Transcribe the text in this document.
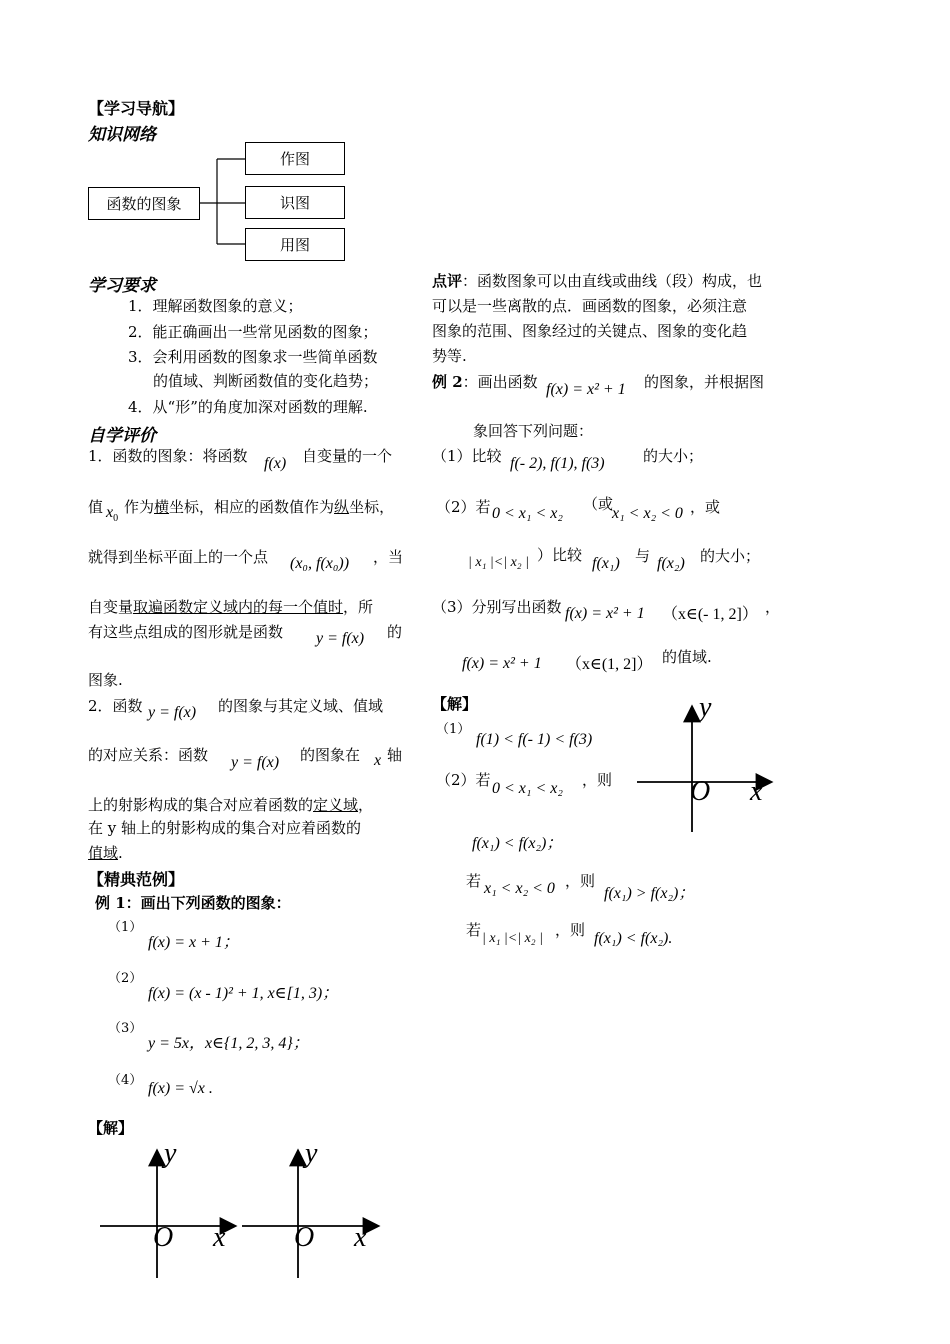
【学习导航】
知识网络
函数的图象
作图
识图
用图
学习要求
1．理解函数图象的意义；
2．能正确画出一些常见函数的图象；
3．会利用函数的图象求一些简单函数
的值域、判断函数值的变化趋势；
4．从“形”的角度加深对函数的理解.
自学评价
1．函数的图象：将函数 f(x) 自变量的一个
值 $x_0$
作为横坐标，相应的函数值作为纵坐标，
就得到坐标平面上的一个点 (x₀, f(x₀)) ，当
自变量取遍函数定义域内的每一个值时，所
有这些点组成的图形就是函数 y = f(x) 的
图象.
2．函数 y = f(x) 的图象与其定义域、值域
的对应关系：函数 y = f(x) 的图象在 x 轴
上的射影构成的集合对应着函数的定义域，
在 y 轴上的射影构成的集合对应着函数的
值域.
【精典范例】
例 1：画出下列函数的图象：
（1）
f(x) = x + 1；
（2）
f(x) = (x - 1)² + 1, x∈[1, 3)；
（3）
y = 5x，x∈{1, 2, 3, 4}；
（4） f(x) = √x .
【解】
y
O x
y
O x
y
O x
点评：函数图象可以由直线或曲线（段）构成，也
可以是一些离散的点．画函数的图象，必须注意
图象的范围、图象经过的关键点、图象的变化趋
势等.
例 2：画出函数 f(x) = x² + 1 的图象，并根据图
象回答下列问题：
（1）比较 f(- 2), f(1), f(3)	的大小；
（2）若 0 < x₁ < x₂
（或
x₁ < x₂ < 0 ，或
| x₁ |<| x₂ | ）比较 f(x₁) 与 f(x₂) 的大小；
（3）分别写出函数 f(x) = x² + 1 （x∈(- 1, 2]） ，
f(x) = x² + 1 （x∈(1, 2]） 的值域.
【解】
（1）
f(1) < f(- 1) < f(3)
（2）若 0 < x₁ < x₂ ，则
f(x₁) < f(x₂)；
若 x₁ < x₂ < 0 ，则
f(x₁) > f(x₂)；
若 | x₁ |<| x₂ | ，则 f(x₁) < f(x₂).
